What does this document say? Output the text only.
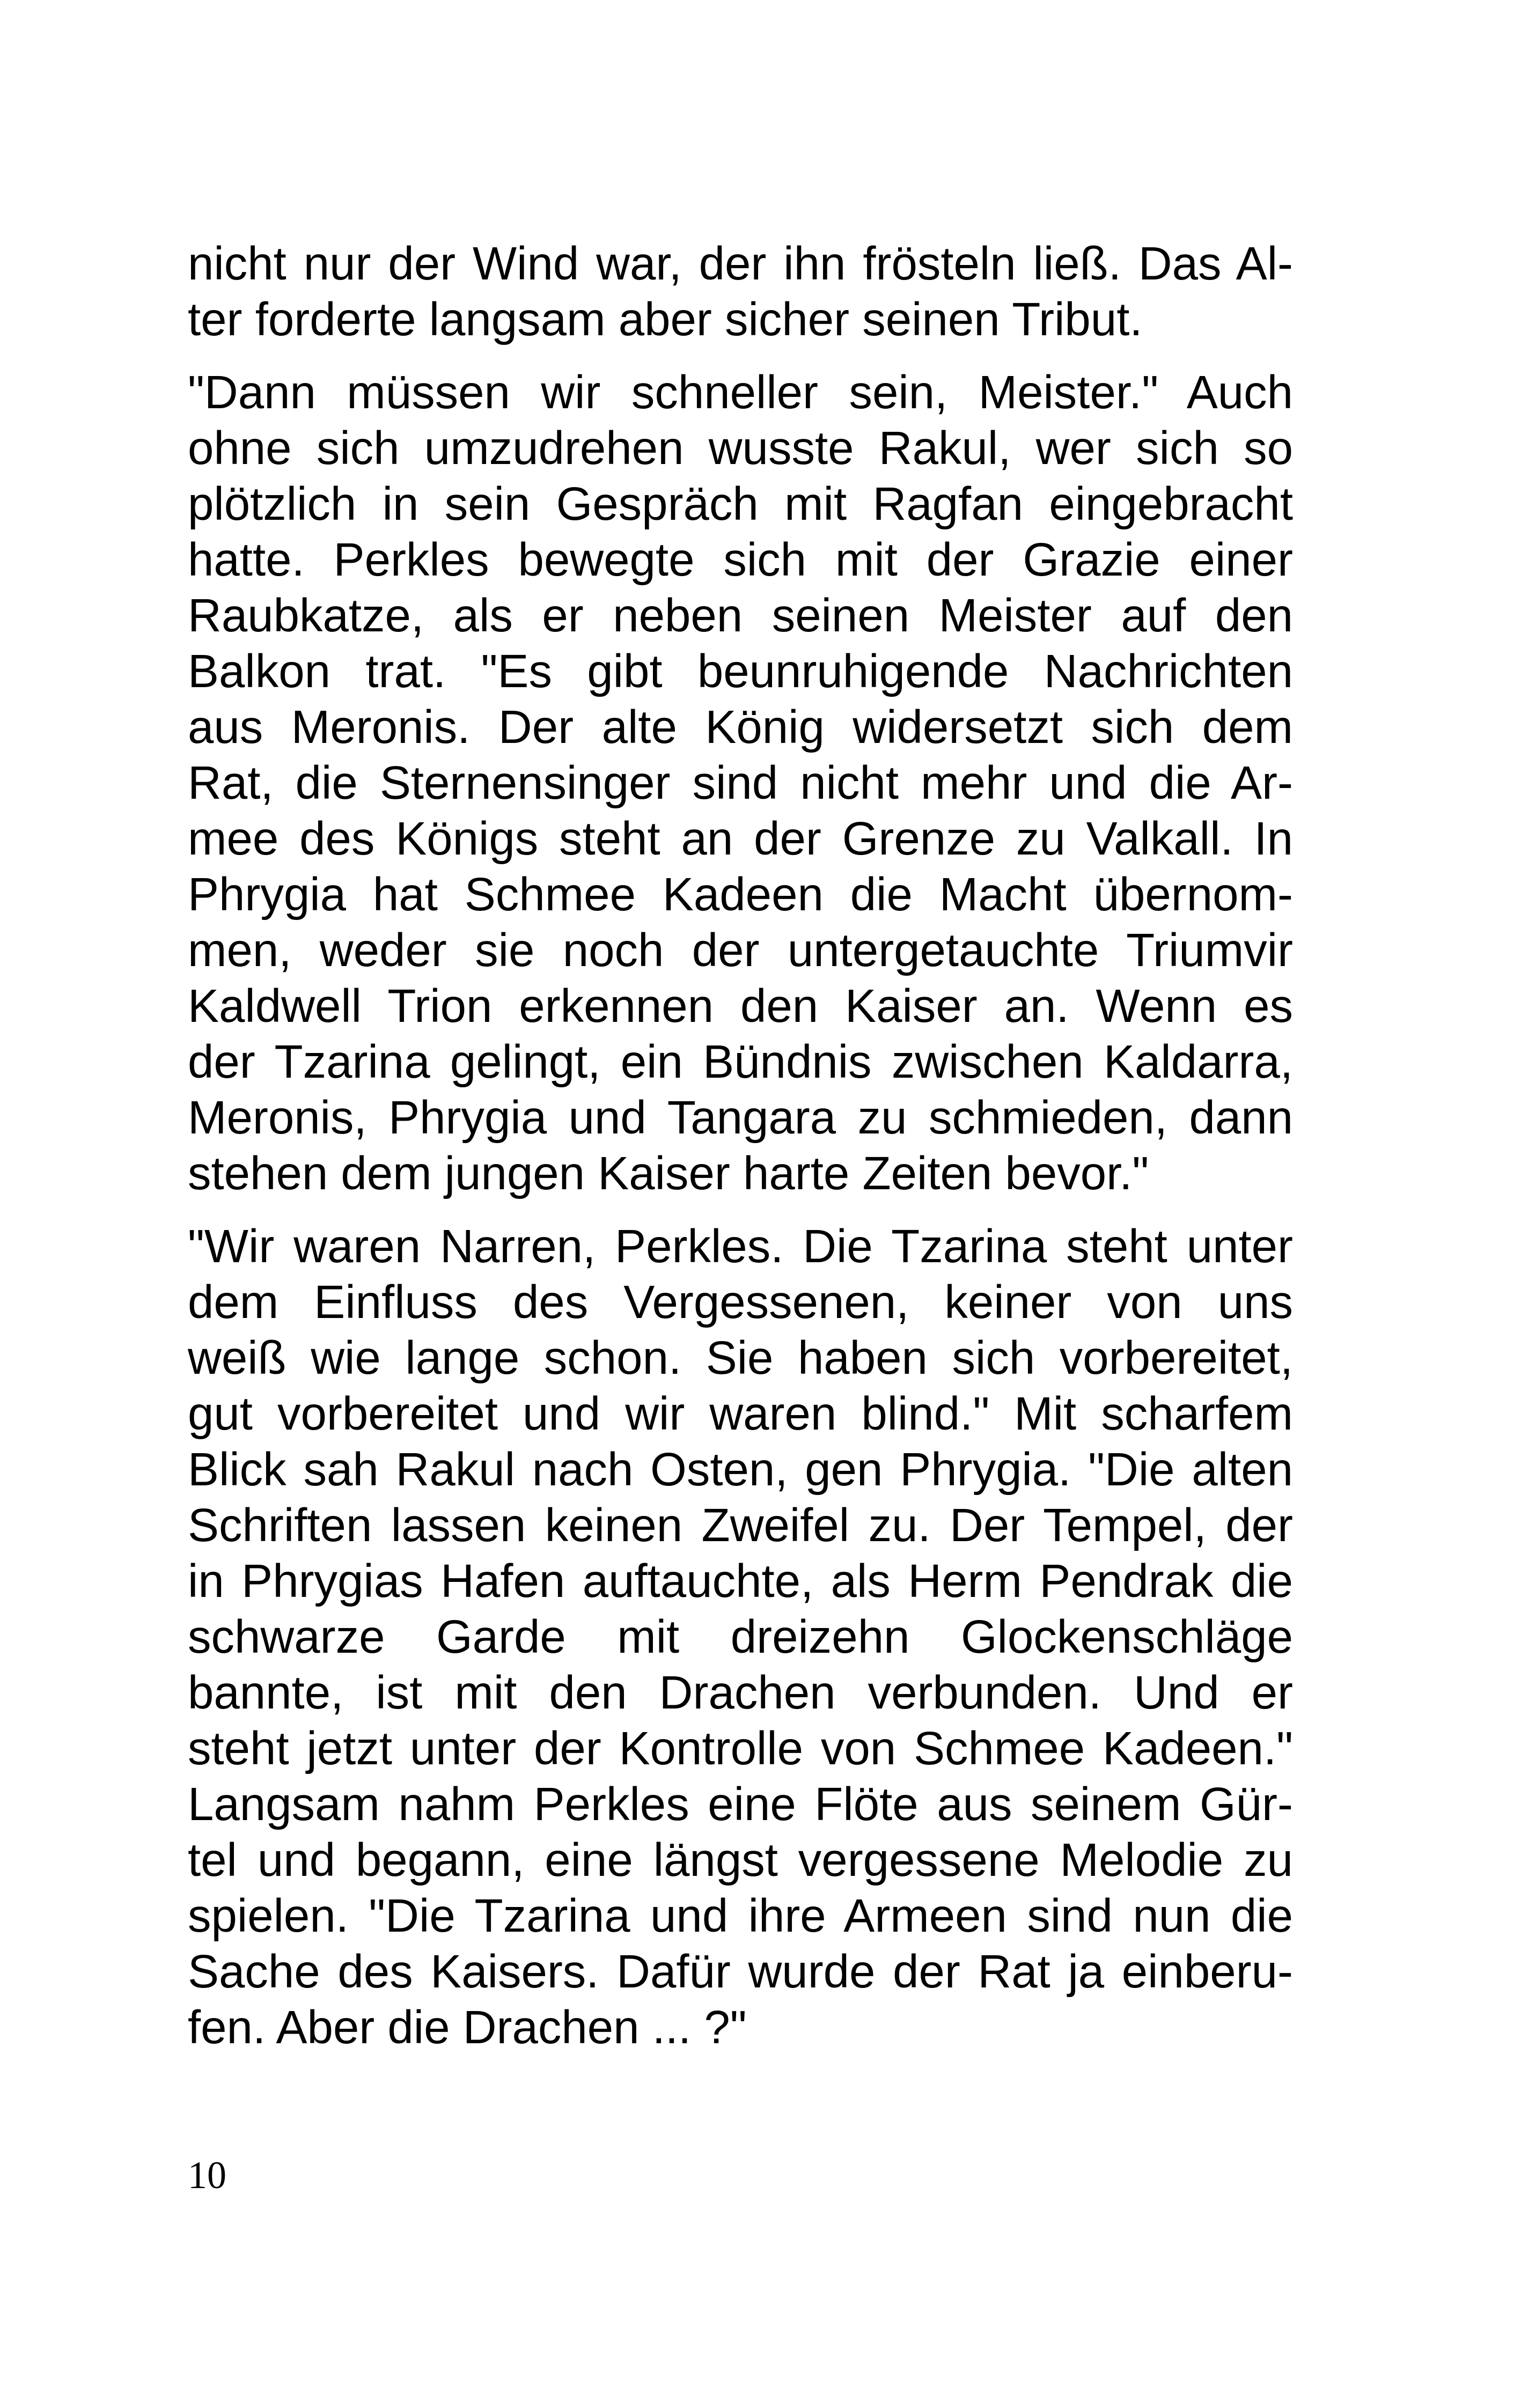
nicht nur der Wind war, der ihn frösteln ließ. Das Al-
ter forderte langsam aber sicher seinen Tribut.

"Dann müssen wir schneller sein, Meister." Auch
ohne sich umzudrehen wusste Rakul, wer sich so
plötzlich in sein Gespräch mit Ragfan eingebracht
hatte. Perkles bewegte sich mit der Grazie einer
Raubkatze, als er neben seinen Meister auf den
Balkon trat. "Es gibt beunruhigende Nachrichten
aus Meronis. Der alte König widersetzt sich dem
Rat, die Sternensinger sind nicht mehr und die Ar-
mee des Königs steht an der Grenze zu Valkall. In
Phrygia hat Schmee Kadeen die Macht übernom-
men, weder sie noch der untergetauchte Triumvir
Kaldwell Trion erkennen den Kaiser an. Wenn es
der Tzarina gelingt, ein Bündnis zwischen Kaldarra,
Meronis, Phrygia und Tangara zu schmieden, dann
stehen dem jungen Kaiser harte Zeiten bevor."

"Wir waren Narren, Perkles. Die Tzarina steht unter
dem Einfluss des Vergessenen, keiner von uns
weiß wie lange schon. Sie haben sich vorbereitet,
gut vorbereitet und wir waren blind." Mit scharfem
Blick sah Rakul nach Osten, gen Phrygia. "Die alten
Schriften lassen keinen Zweifel zu. Der Tempel, der
in Phrygias Hafen auftauchte, als Herm Pendrak die
schwarze Garde mit dreizehn Glockenschläge
bannte, ist mit den Drachen verbunden. Und er
steht jetzt unter der Kontrolle von Schmee Kadeen."
Langsam nahm Perkles eine Flöte aus seinem Gür-
tel und begann, eine längst vergessene Melodie zu
spielen. "Die Tzarina und ihre Armeen sind nun die
Sache des Kaisers. Dafür wurde der Rat ja einberu-
fen. Aber die Drachen ... ?"

10
